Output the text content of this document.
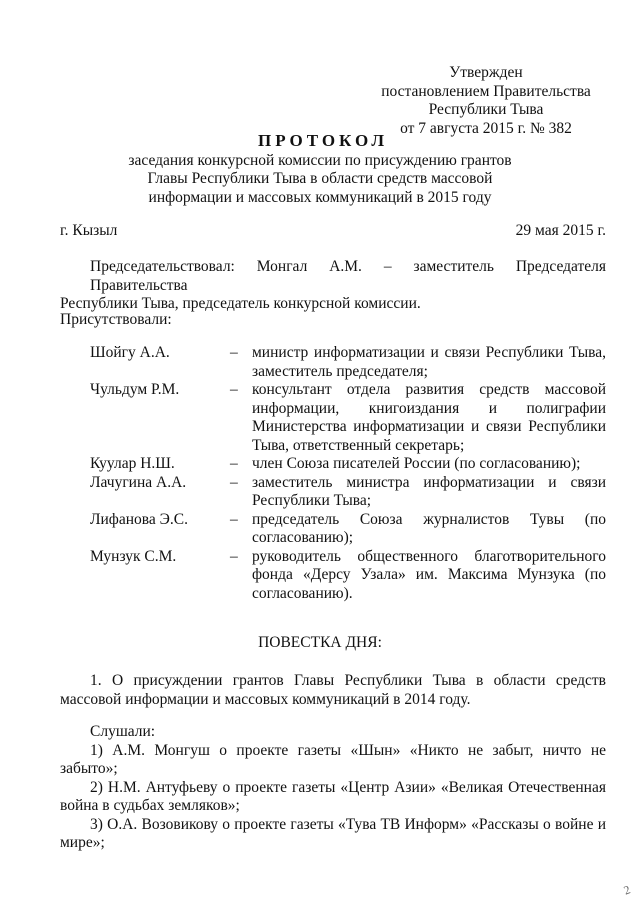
Утвержден
постановлением Правительства
Республики Тыва
от 7 августа 2015 г. № 382
ПРОТОКОЛ
заседания конкурсной комиссии по присуждению грантов
Главы Республики Тыва в области средств массовой
информации и массовых коммуникаций в 2015 году
г. Кызыл	29 мая 2015 г.
Председательствовал: Монгал А.М. – заместитель Председателя Правительства
Республики Тыва, председатель конкурсной комиссии.
Присутствовали:
Шойгу А.А.	– министр информатизации и связи Республики Тыва, заместитель председателя;
Чульдум Р.М.	– консультант отдела развития средств массовой информации, книгоиздания и полиграфии Министерства информатизации и связи Республики Тыва, ответственный секретарь;
Куулар Н.Ш.	– член Союза писателей России (по согласованию);
Лачугина А.А.	– заместитель министра информатизации и связи Республики Тыва;
Лифанова Э.С.	– председатель Союза журналистов Тувы (по согласованию);
Мунзук С.М.	– руководитель общественного благотворительного фонда «Дерсу Узала» им. Максима Мунзука (по согласованию).
ПОВЕСТКА ДНЯ:

1. О присуждении грантов Главы Республики Тыва в области средств массовой информации и массовых коммуникаций в 2014 году.

Слушали:

1) А.М. Монгуш о проекте газеты «Шын» «Никто не забыт, ничто не забыто»;

2) Н.М. Антуфьеву о проекте газеты «Центр Азии» «Великая Отечественная война в судьбах земляков»;

3) О.А. Возовикову о проекте газеты «Тува ТВ Информ» «Рассказы о войне и мире»;

2
